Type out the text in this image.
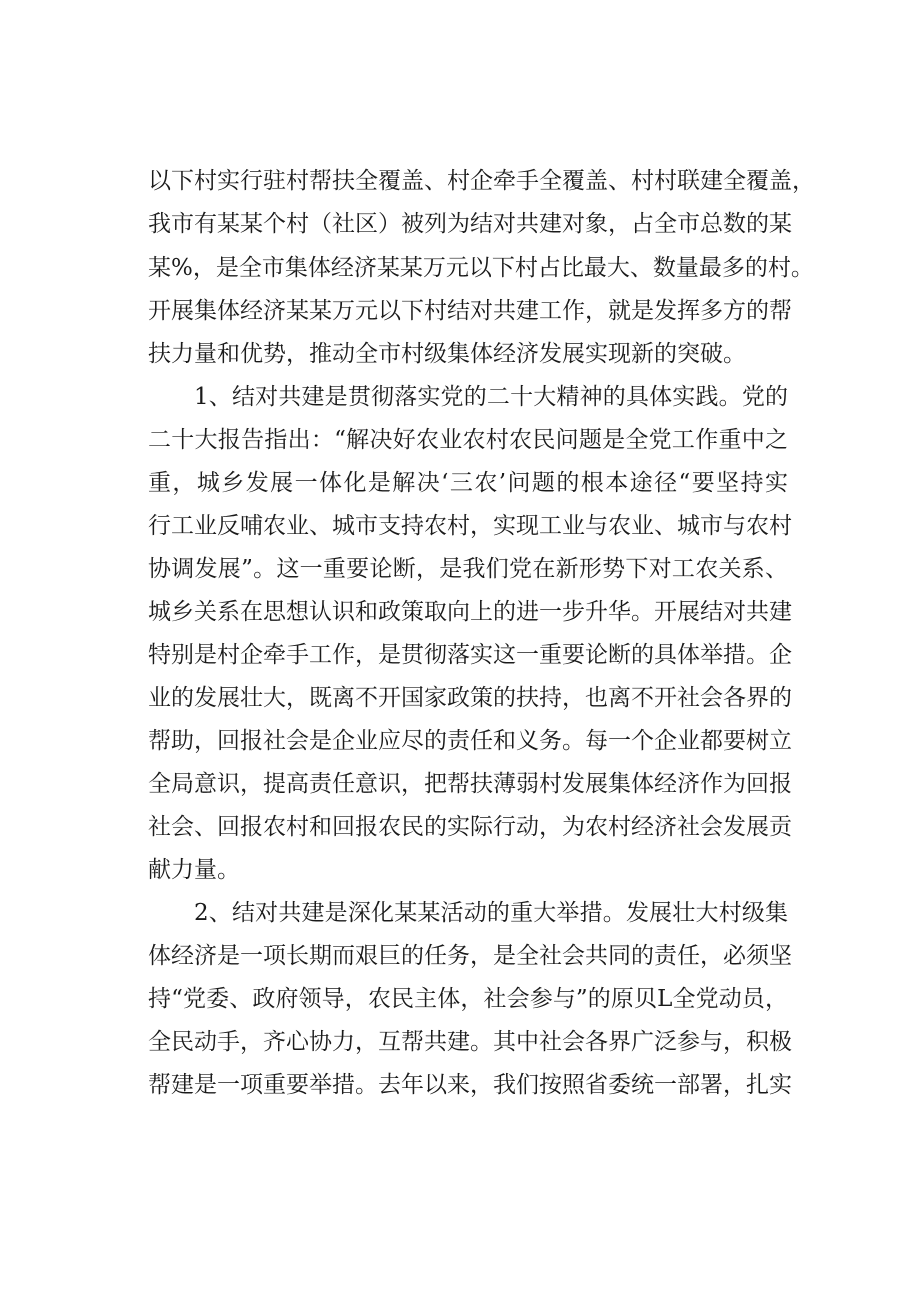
以下村实行驻村帮扶全覆盖、村企牵手全覆盖、村村联建全覆盖，
我市有某某个村（社区）被列为结对共建对象，占全市总数的某
某%，是全市集体经济某某万元以下村占比最大、数量最多的村。
开展集体经济某某万元以下村结对共建工作，就是发挥多方的帮
扶力量和优势，推动全市村级集体经济发展实现新的突破。
1、结对共建是贯彻落实党的二十大精神的具体实践。党的
二十大报告指出：“解决好农业农村农民问题是全党工作重中之
重，城乡发展一体化是解决‘三农’问题的根本途径“要坚持实
行工业反哺农业、城市支持农村，实现工业与农业、城市与农村
协调发展”。这一重要论断，是我们党在新形势下对工农关系、
城乡关系在思想认识和政策取向上的进一步升华。开展结对共建
特别是村企牵手工作，是贯彻落实这一重要论断的具体举措。企
业的发展壮大，既离不开国家政策的扶持，也离不开社会各界的
帮助，回报社会是企业应尽的责任和义务。每一个企业都要树立
全局意识，提高责任意识，把帮扶薄弱村发展集体经济作为回报
社会、回报农村和回报农民的实际行动，为农村经济社会发展贡
献力量。
2、结对共建是深化某某活动的重大举措。发展壮大村级集
体经济是一项长期而艰巨的任务，是全社会共同的责任，必须坚
持“党委、政府领导，农民主体，社会参与”的原贝L全党动员，
全民动手，齐心协力，互帮共建。其中社会各界广泛参与，积极
帮建是一项重要举措。去年以来，我们按照省委统一部署，扎实
